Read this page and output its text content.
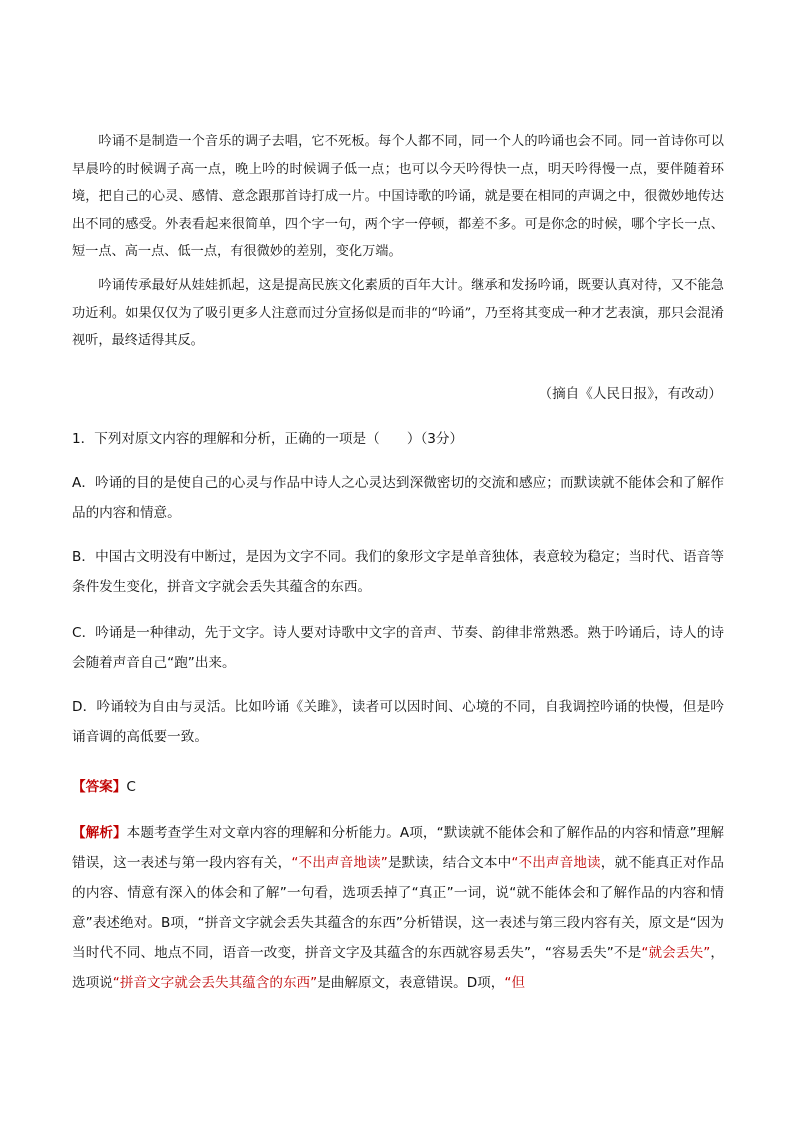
吟诵不是制造一个音乐的调子去唱，它不死板。每个人都不同，同一个人的吟诵也会不同。同一首诗你可以早晨吟的时候调子高一点，晚上吟的时候调子低一点；也可以今天吟得快一点，明天吟得慢一点，要伴随着环境，把自己的心灵、感情、意念跟那首诗打成一片。中国诗歌的吟诵，就是要在相同的声调之中，很微妙地传达出不同的感受。外表看起来很简单，四个字一句，两个字一停顿，都差不多。可是你念的时候，哪个字长一点、短一点、高一点、低一点，有很微妙的差别，变化万端。

吟诵传承最好从娃娃抓起，这是提高民族文化素质的百年大计。继承和发扬吟诵，既要认真对待，又不能急功近利。如果仅仅为了吸引更多人注意而过分宣扬似是而非的“吟诵”，乃至将其变成一种才艺表演，那只会混淆视听，最终适得其反。

（摘自《人民日报》，有改动）

1．下列对原文内容的理解和分析，正确的一项是（　　）（3分）

A．吟诵的目的是使自己的心灵与作品中诗人之心灵达到深微密切的交流和感应；而默读就不能体会和了解作品的内容和情意。

B．中国古文明没有中断过，是因为文字不同。我们的象形文字是单音独体，表意较为稳定；当时代、语音等条件发生变化，拼音文字就会丢失其蕴含的东西。

C．吟诵是一种律动，先于文字。诗人要对诗歌中文字的音声、节奏、韵律非常熟悉。熟于吟诵后，诗人的诗会随着声音自己“跑”出来。

D．吟诵较为自由与灵活。比如吟诵《关雎》，读者可以因时间、心境的不同，自我调控吟诵的快慢，但是吟诵音调的高低要一致。

【答案】C

【解析】本题考查学生对文章内容的理解和分析能力。A项，“默读就不能体会和了解作品的内容和情意”理解错误，这一表述与第一段内容有关，“不出声音地读”是默读，结合文本中“不出声音地读，就不能真正对作品的内容、情意有深入的体会和了解”一句看，选项丢掉了“真正”一词，说“就不能体会和了解作品的内容和情意”表述绝对。B项，“拼音文字就会丢失其蕴含的东西”分析错误，这一表述与第三段内容有关，原文是“因为当时代不同、地点不同，语音一改变，拼音文字及其蕴含的东西就容易丢失”，“容易丢失”不是“就会丢失”，选项说“拼音文字就会丢失其蕴含的东西”是曲解原文，表意错误。D项，“但
